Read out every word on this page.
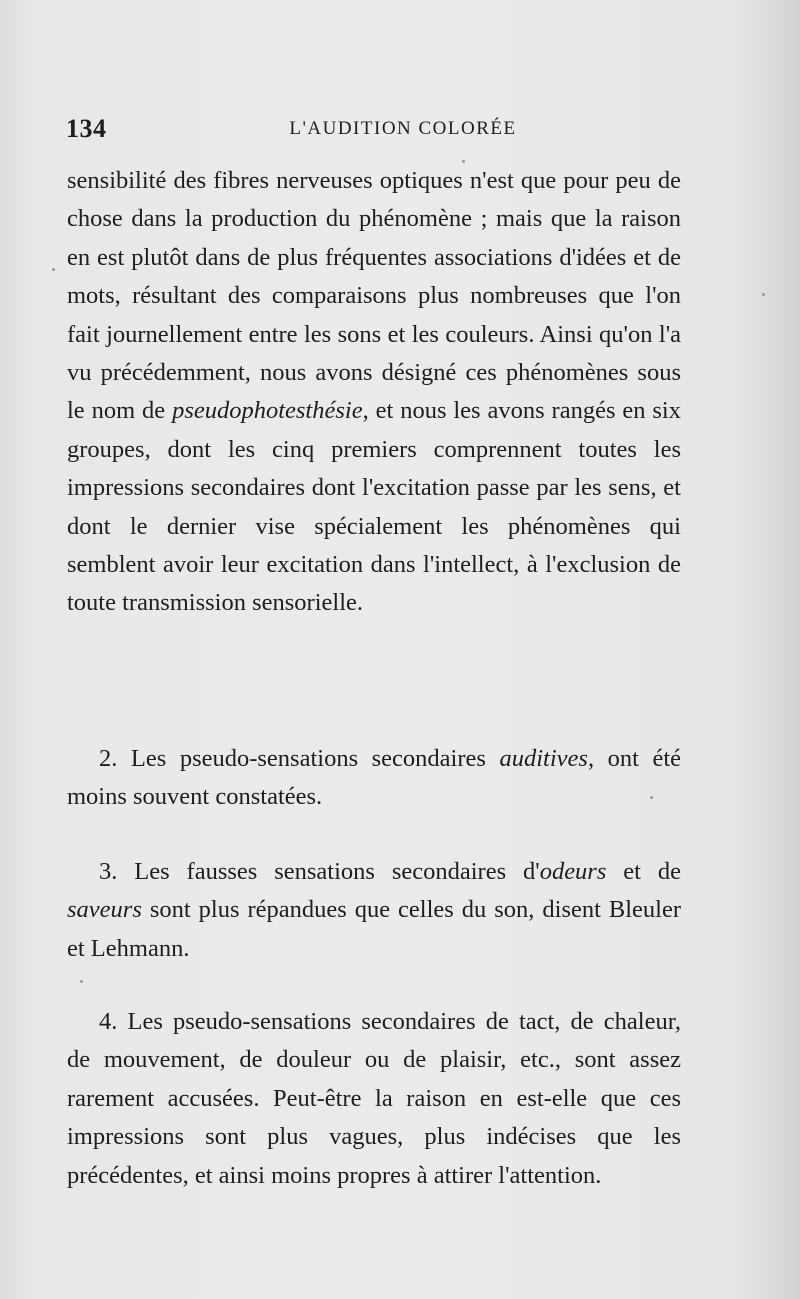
134	L'AUDITION COLORÉE

sensibilité des fibres nerveuses optiques n'est que pour peu de chose dans la production du phénomène ; mais que la raison en est plutôt dans de plus fréquentes associations d'idées et de mots, résultant des comparaisons plus nombreuses que l'on fait journellement entre les sons et les couleurs. Ainsi qu'on l'a vu précédemment, nous avons désigné ces phénomènes sous le nom de pseudophotesthésie, et nous les avons rangés en six groupes, dont les cinq premiers comprennent toutes les impressions secondaires dont l'excitation passe par les sens, et dont le dernier vise spécialement les phénomènes qui semblent avoir leur excitation dans l'intellect, à l'exclusion de toute transmission sensorielle.

2. Les pseudo-sensations secondaires auditives, ont été moins souvent constatées.

3. Les fausses sensations secondaires d'odeurs et de saveurs sont plus répandues que celles du son, disent Bleuler et Lehmann.

4. Les pseudo-sensations secondaires de tact, de chaleur, de mouvement, de douleur ou de plaisir, etc., sont assez rarement accusées. Peut-être la raison en est-elle que ces impressions sont plus vagues, plus indécises que les précédentes, et ainsi moins propres à attirer l'attention.
